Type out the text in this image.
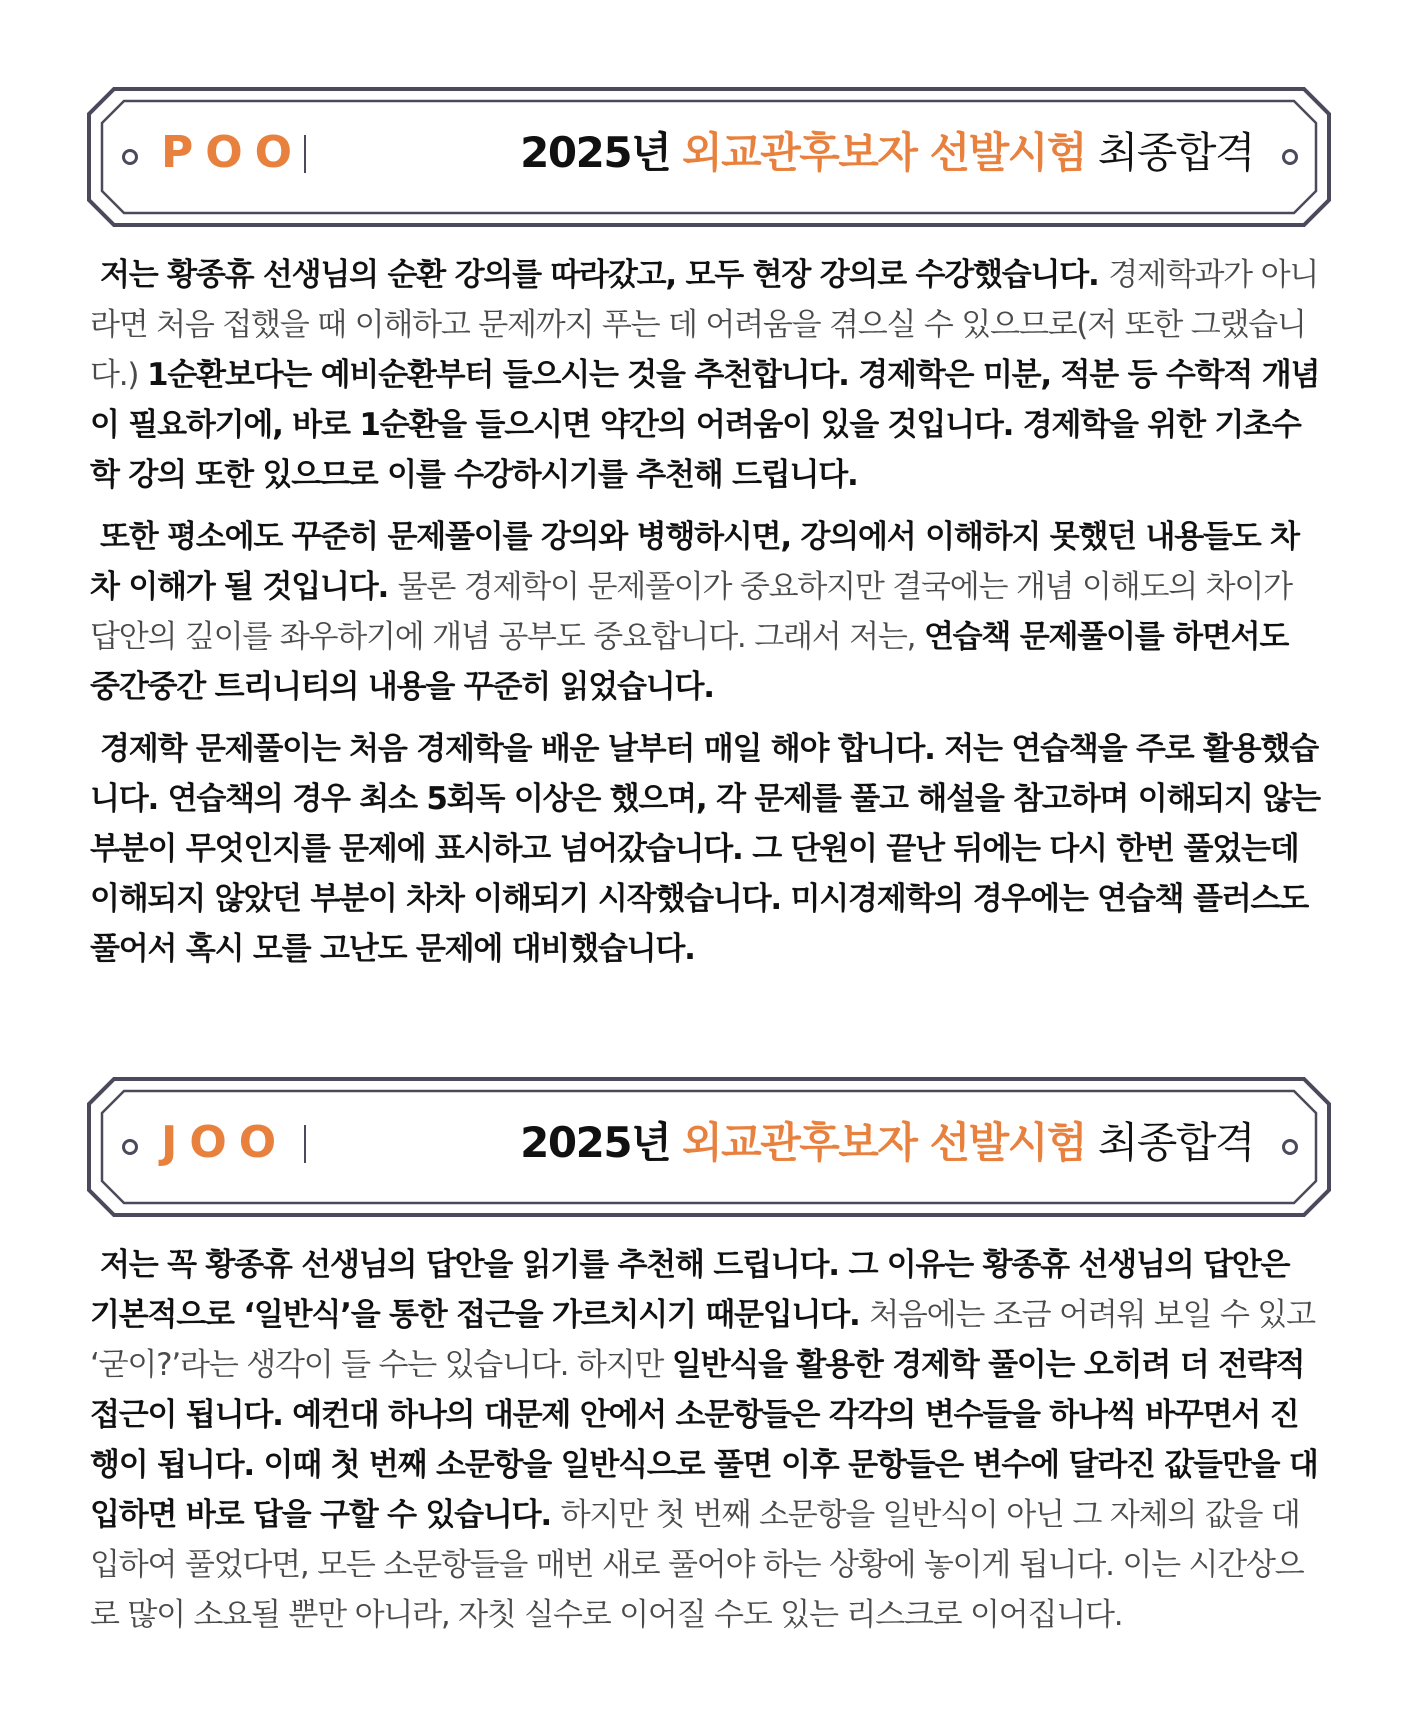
POO	2025년 외교관후보자 선발시험 최종합격

저는 황종휴 선생님의 순환 강의를 따라갔고, 모두 현장 강의로 수강했습니다. 경제학과가 아니라면 처음 접했을 때 이해하고 문제까지 푸는 데 어려움을 겪으실 수 있으므로(저 또한 그랬습니다.) 1순환보다는 예비순환부터 들으시는 것을 추천합니다. 경제학은 미분, 적분 등 수학적 개념이 필요하기에, 바로 1순환을 들으시면 약간의 어려움이 있을 것입니다. 경제학을 위한 기초수학 강의 또한 있으므로 이를 수강하시기를 추천해 드립니다.

또한 평소에도 꾸준히 문제풀이를 강의와 병행하시면, 강의에서 이해하지 못했던 내용들도 차차 이해가 될 것입니다. 물론 경제학이 문제풀이가 중요하지만 결국에는 개념 이해도의 차이가 답안의 깊이를 좌우하기에 개념 공부도 중요합니다. 그래서 저는, 연습책 문제풀이를 하면서도 중간중간 트리니티의 내용을 꾸준히 읽었습니다.

경제학 문제풀이는 처음 경제학을 배운 날부터 매일 해야 합니다. 저는 연습책을 주로 활용했습니다. 연습책의 경우 최소 5회독 이상은 했으며, 각 문제를 풀고 해설을 참고하며 이해되지 않는 부분이 무엇인지를 문제에 표시하고 넘어갔습니다. 그 단원이 끝난 뒤에는 다시 한번 풀었는데 이해되지 않았던 부분이 차차 이해되기 시작했습니다. 미시경제학의 경우에는 연습책 플러스도 풀어서 혹시 모를 고난도 문제에 대비했습니다.

JOO	2025년 외교관후보자 선발시험 최종합격

저는 꼭 황종휴 선생님의 답안을 읽기를 추천해 드립니다. 그 이유는 황종휴 선생님의 답안은 기본적으로 ‘일반식’을 통한 접근을 가르치시기 때문입니다. 처음에는 조금 어려워 보일 수 있고 ‘굳이?’라는 생각이 들 수는 있습니다. 하지만 일반식을 활용한 경제학 풀이는 오히려 더 전략적 접근이 됩니다. 예컨대 하나의 대문제 안에서 소문항들은 각각의 변수들을 하나씩 바꾸면서 진행이 됩니다. 이때 첫 번째 소문항을 일반식으로 풀면 이후 문항들은 변수에 달라진 값들만을 대입하면 바로 답을 구할 수 있습니다. 하지만 첫 번째 소문항을 일반식이 아닌 그 자체의 값을 대입하여 풀었다면, 모든 소문항들을 매번 새로 풀어야 하는 상황에 놓이게 됩니다. 이는 시간상으로 많이 소요될 뿐만 아니라, 자칫 실수로 이어질 수도 있는 리스크로 이어집니다.
